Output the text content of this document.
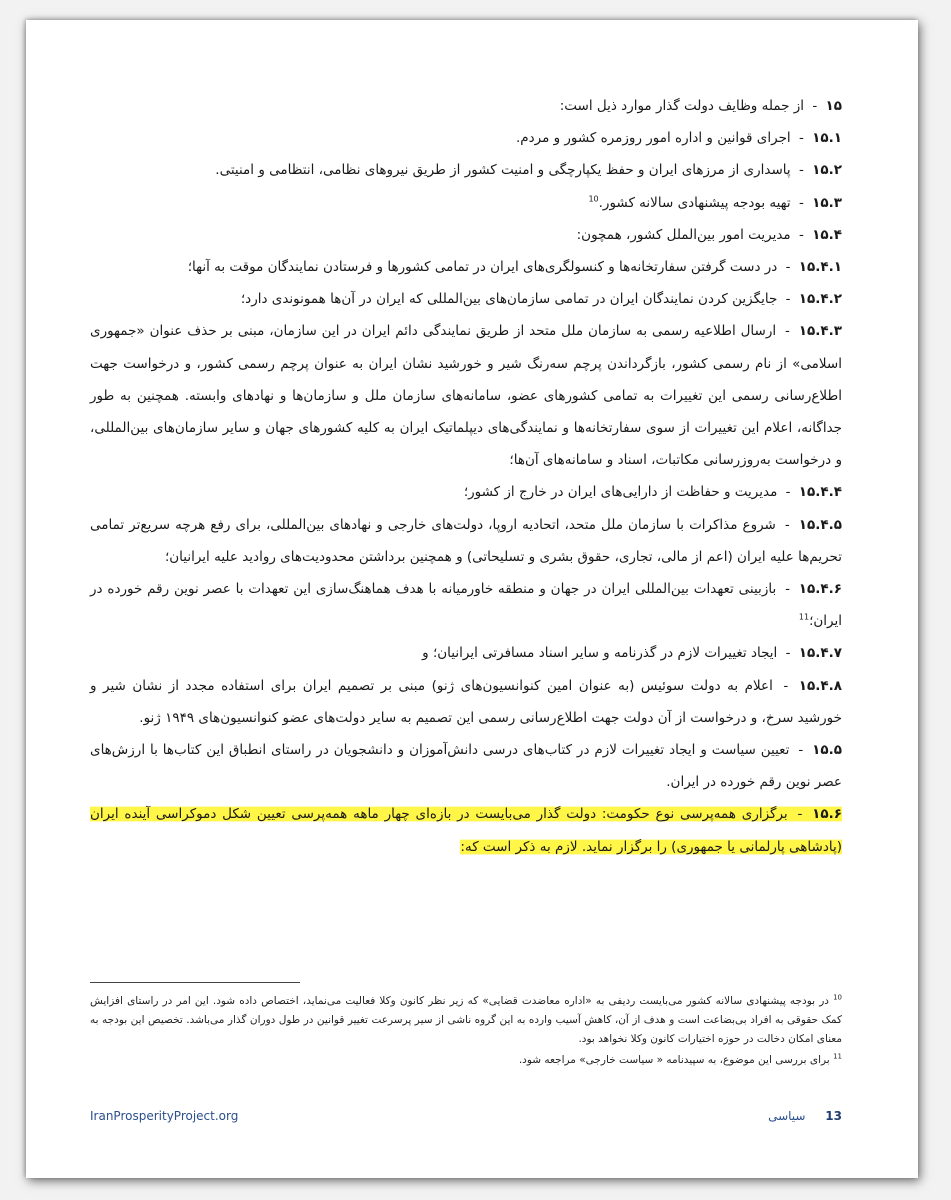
۱۵ - از جمله وظایف دولت گذار موارد ذیل است:

۱۵.۱ - اجرای قوانین و اداره امور روزمره کشور و مردم.

۱۵.۲ - پاسداری از مرزهای ایران و حفظ یکپارچگی و امنیت کشور از طریق نیروهای نظامی، انتظامی و امنیتی.

۱۵.۳ - تهیه بودجه پیشنهادی سالانه کشور.$^{10}$

۱۵.۴ - مدیریت امور بین‌الملل کشور، همچون:

۱۵.۴.۱ - در دست گرفتن سفارتخانه‌ها و کنسولگری‌های ایران در تمامی کشورها و فرستادن نمایندگان موقت به آنها؛

۱۵.۴.۲ - جایگزین کردن نمایندگان ایران در تمامی سازمان‌های بین‌المللی که ایران در آن‌ها همونوندی دارد؛

۱۵.۴.۳ - ارسال اطلاعیه رسمی به سازمان ملل متحد از طریق نمایندگی دائم ایران در این سازمان، مبنی بر حذف عنوان «جمهوری اسلامی» از نام رسمی کشور، بازگرداندن پرچم سه‌رنگ شیر و خورشید نشان ایران به عنوان پرچم رسمی کشور، و درخواست جهت اطلاع‌رسانی رسمی این تغییرات به تمامی کشورهای عضو، سامانه‌های سازمان ملل و سازمان‌ها و نهادهای وابسته. همچنین به طور جداگانه، اعلام این تغییرات از سوی سفارتخانه‌ها و نمایندگی‌های دیپلماتیک ایران به کلیه کشورهای جهان و سایر سازمان‌های بین‌المللی، و درخواست به‌روزرسانی مکاتبات، اسناد و سامانه‌های آن‌ها؛

۱۵.۴.۴ - مدیریت و حفاظت از دارایی‌های ایران در خارج از کشور؛

۱۵.۴.۵ - شروع مذاکرات با سازمان ملل متحد، اتحادیه اروپا، دولت‌های خارجی و نهادهای بین‌المللی، برای رفع هرچه سریع‌تر تمامی تحریم‌ها علیه ایران (اعم از مالی، تجاری، حقوق بشری و تسلیحاتی) و همچنین برداشتن محدودیت‌های روادید علیه ایرانیان؛

۱۵.۴.۶ - بازبینی تعهدات بین‌المللی ایران در جهان و منطقه خاورمیانه با هدف هماهنگ‌سازی این تعهدات با عصر نوین رقم خورده در ایران؛$^{11}$

۱۵.۴.۷ - ایجاد تغییرات لازم در گذرنامه و سایر اسناد مسافرتی ایرانیان؛ و

۱۵.۴.۸ - اعلام به دولت سوئیس (به عنوان امین کنوانسیون‌های ژنو) مبنی بر تصمیم ایران برای استفاده مجدد از نشان شیر و خورشید سرخ، و درخواست از آن دولت جهت اطلاع‌رسانی رسمی این تصمیم به سایر دولت‌های عضو کنوانسیون‌های ۱۹۴۹ ژنو.

۱۵.۵ - تعیین سیاست و ایجاد تغییرات لازم در کتاب‌های درسی دانش‌آموزان و دانشجویان در راستای انطباق این کتاب‌ها با ارزش‌های عصر نوین رقم خورده در ایران.

۱۵.۶ - برگزاری همه‌پرسی نوع حکومت: دولت گذار می‌بایست در بازه‌ای چهار ماهه همه‌پرسی تعیین شکل دموکراسی آینده ایران (پادشاهی پارلمانی یا جمهوری) را برگزار نماید. لازم به ذکر است که:

$^{10}$ در بودجه پیشنهادی سالانه کشور می‌بایست ردیفی به «اداره معاضدت قضایی» که زیر نظر کانون وکلا فعالیت می‌نماید، اختصاص داده شود. این امر در راستای افزایش کمک حقوقی به افراد بی‌بضاعت است و هدف از آن، کاهش آسیب وارده به این گروه ناشی از سیر پرسرعت تغییر قوانین در طول دوران گذار می‌باشد. تخصیص این بودجه به معنای امکان دخالت در حوزه اختیارات کانون وکلا نخواهد بود.

$^{11}$ برای بررسی این موضوع، به سپیدنامه « سیاست خارجی» مراجعه شود.

IranProsperityProject.org	13 سیاسی
